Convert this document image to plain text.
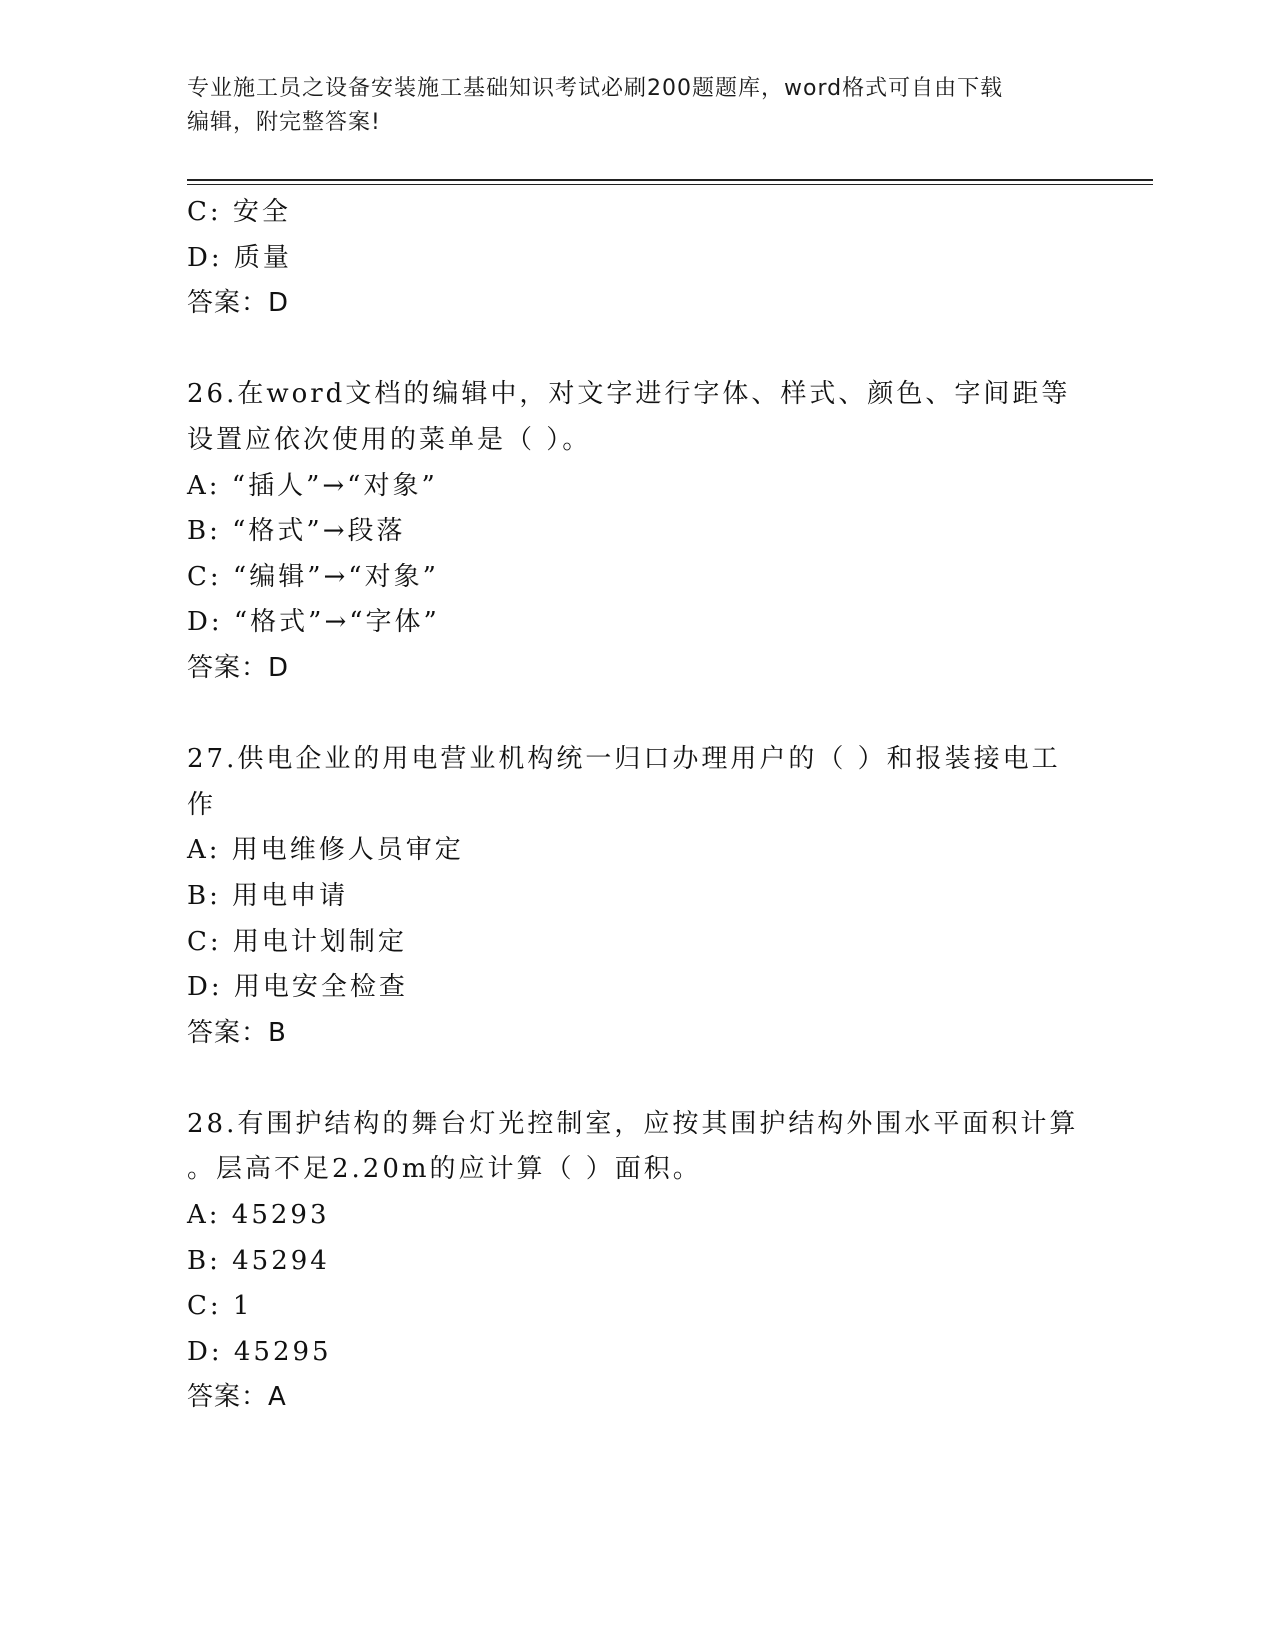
专业施工员之设备安装施工基础知识考试必刷200题题库，word格式可自由下载
编辑，附完整答案!
C: 安全
D: 质量
答案：D
26.在word文档的编辑中，对文字进行字体、样式、颜色、字间距等
设置应依次使用的菜单是（ ）。
A: “插人”→“对象”
B: “格式”→段落
C: “编辑”→“对象”
D: “格式”→“字体”
答案：D
27.供电企业的用电营业机构统一归口办理用户的（ ）和报装接电工
作
A: 用电维修人员审定
B: 用电申请
C: 用电计划制定
D: 用电安全检查
答案：B
28.有围护结构的舞台灯光控制室，应按其围护结构外围水平面积计算
。层高不足2.20m的应计算（ ）面积。
A: 45293
B: 45294
C: 1
D: 45295
答案：A
